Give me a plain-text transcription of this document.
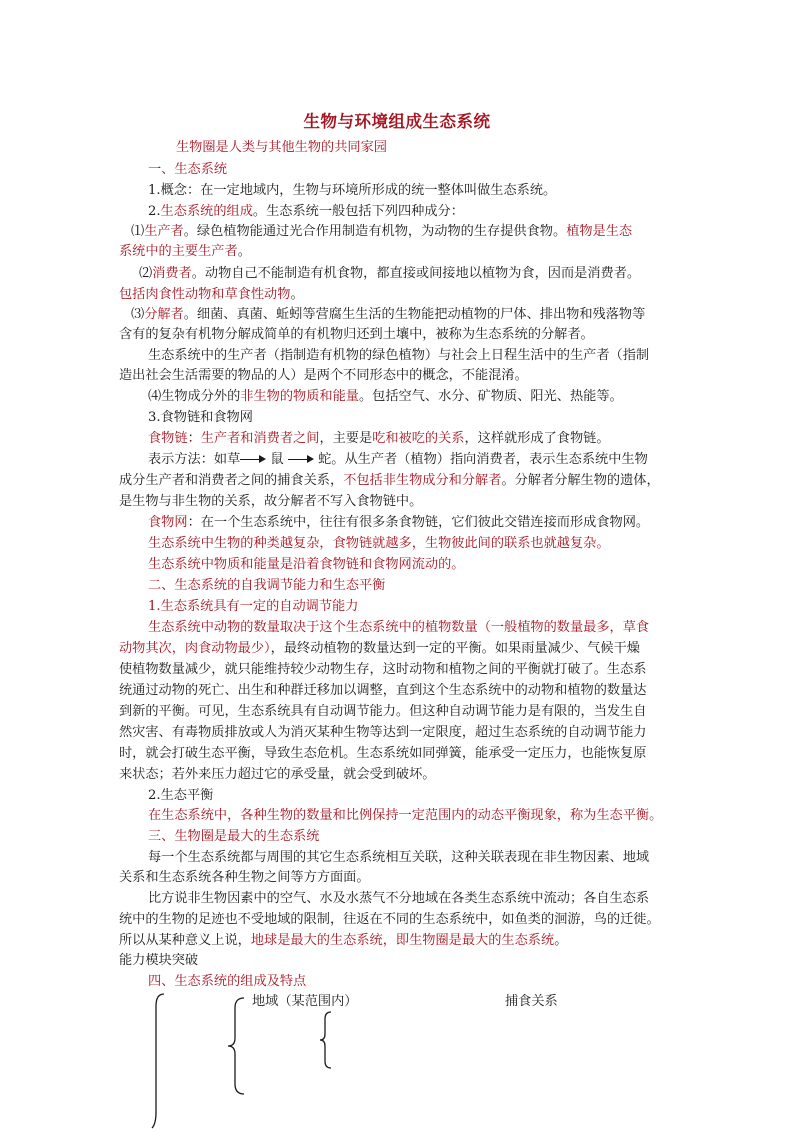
生物与环境组成生态系统
生物圈是人类与其他生物的共同家园
一、生态系统
1.概念：在一定地域内，生物与环境所形成的统一整体叫做生态系统。
2.生态系统的组成。生态系统一般包括下列四种成分：
⑴生产者。绿色植物能通过光合作用制造有机物，为动物的生存提供食物。植物是生态
系统中的主要生产者。
⑵消费者。动物自己不能制造有机食物，都直接或间接地以植物为食，因而是消费者。
包括肉食性动物和草食性动物。
⑶分解者。细菌、真菌、蚯蚓等营腐生生活的生物能把动植物的尸体、排出物和残落物等
含有的复杂有机物分解成简单的有机物归还到土壤中，被称为生态系统的分解者。
生态系统中的生产者（指制造有机物的绿色植物）与社会上日程生活中的生产者（指制
造出社会生活需要的物品的人）是两个不同形态中的概念，不能混淆。
⑷生物成分外的非生物的物质和能量。包括空气、水分、矿物质、阳光、热能等。
3.食物链和食物网
食物链：生产者和消费者之间，主要是吃和被吃的关系，这样就形成了食物链。
表示方法：如草 鼠	蛇。从生产者（植物）指向消费者，表示生态系统中生物
成分生产者和消费者之间的捕食关系，不包括非生物成分和分解者。分解者分解生物的遗体，
是生物与非生物的关系，故分解者不写入食物链中。
食物网：在一个生态系统中，往往有很多条食物链，它们彼此交错连接而形成食物网。
生态系统中生物的种类越复杂，食物链就越多，生物彼此间的联系也就越复杂。
生态系统中物质和能量是沿着食物链和食物网流动的。
二、生态系统的自我调节能力和生态平衡
1.生态系统具有一定的自动调节能力
生态系统中动物的数量取决于这个生态系统中的植物数量（一般植物的数量最多，草食
动物其次，肉食动物最少），最终动植物的数量达到一定的平衡。如果雨量减少、气候干燥
使植物数量减少，就只能维持较少动物生存，这时动物和植物之间的平衡就打破了。生态系
统通过动物的死亡、出生和种群迁移加以调整，直到这个生态系统中的动物和植物的数量达
到新的平衡。可见，生态系统具有自动调节能力。但这种自动调节能力是有限的，当发生自
然灾害、有毒物质排放或人为消灭某种生物等达到一定限度，超过生态系统的自动调节能力
时，就会打破生态平衡，导致生态危机。生态系统如同弹簧，能承受一定压力，也能恢复原
来状态；若外来压力超过它的承受量，就会受到破坏。
2.生态平衡
在生态系统中，各种生物的数量和比例保持一定范围内的动态平衡现象，称为生态平衡。
三、生物圈是最大的生态系统
每一个生态系统都与周围的其它生态系统相互关联，这种关联表现在非生物因素、地域
关系和生态系统各种生物之间等方方面面。
比方说非生物因素中的空气、水及水蒸气不分地域在各类生态系统中流动；各自生态系
统中的生物的足迹也不受地域的限制，往返在不同的生态系统中，如鱼类的洄游，鸟的迁徙。
所以从某种意义上说，地球是最大的生态系统，即生物圈是最大的生态系统。
能力模块突破
四、生态系统的组成及特点
地域（某范围内）	捕食关系
